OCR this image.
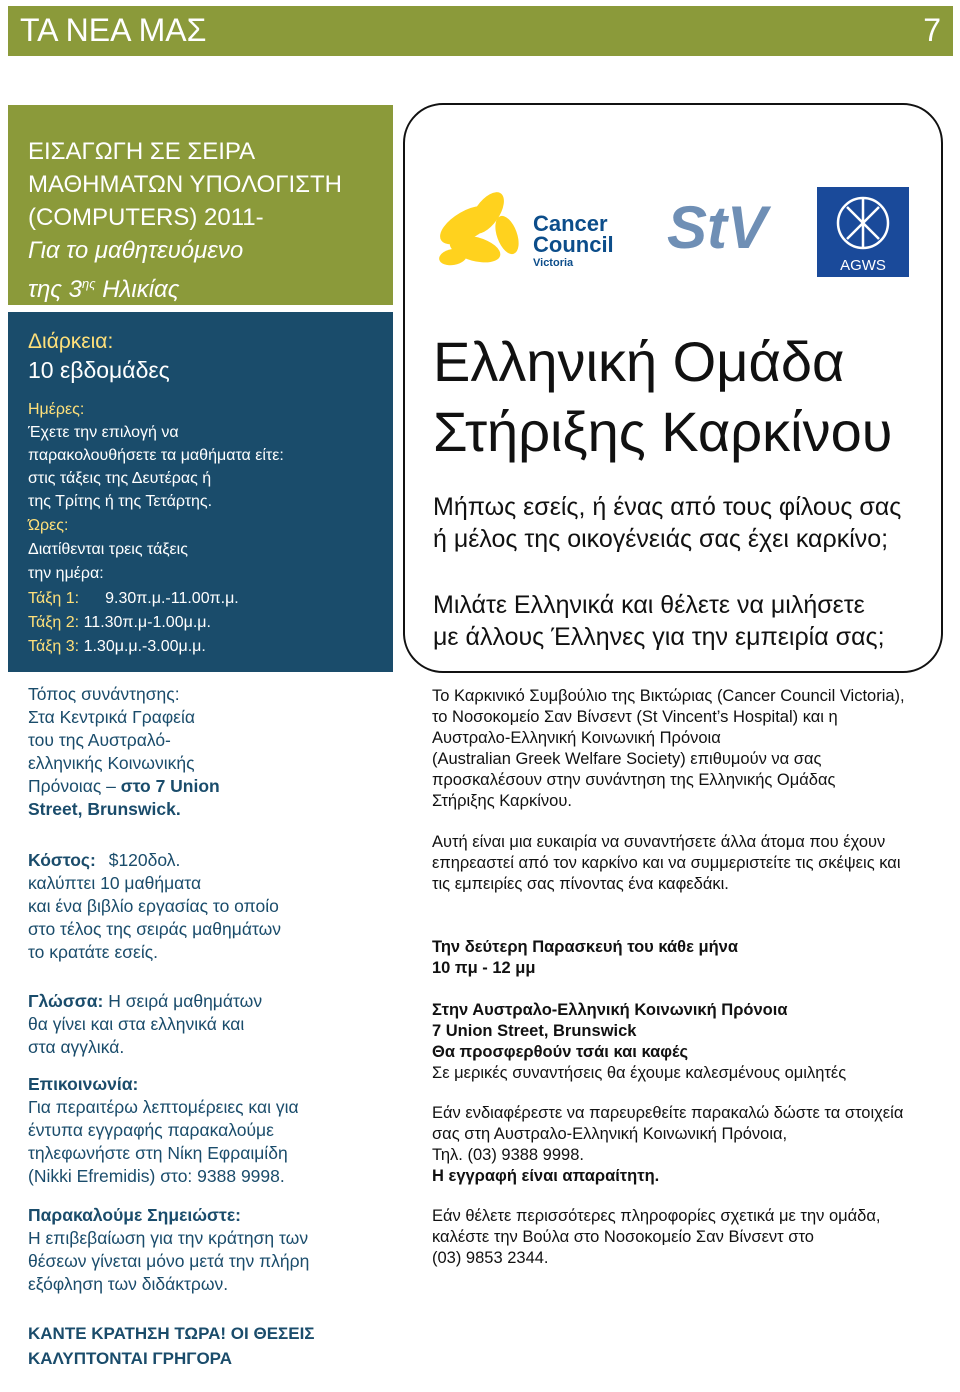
ΤΑ ΝΕΑ ΜΑΣ	7
ΕΙΣΑΓΩΓΗ ΣΕ ΣΕΙΡΑ
ΜΑΘΗΜΑΤΩΝ ΥΠΟΛΟΓΙΣΤΗ
(COMPUTERS) 2011-
Για το μαθητευόμενο
της $3^{\eta\varsigma}$ Ηλικίας
Διάρκεια:
10 εβδομάδες
Ημέρες:
Έχετε την επιλογή να
παρακολουθήσετε τα μαθήματα είτε:
στις τάξεις της Δευτέρας ή
της Τρίτης ή της Τετάρτης.
Ώρες:
Διατίθενται τρεις τάξεις
την ημέρα:
Τάξη 1: 9.30π.μ.-11.00π.μ.
Τάξη 2: 11.30π.μ-1.00μ.μ.
Τάξη 3: 1.30μ.μ.-3.00μ.μ.

Τόπος συνάντησης:

Στα Κεντρικά Γραφεία

του της Αυστραλό-

ελληνικής Κοινωνικής

Πρόνοιας – στο 7 Union

Street, Brunswick.

Κόστος: $120δολ.

καλύπτει 10 μαθήματα

και ένα βιβλίο εργασίας το οποίο

στο τέλος της σειράς μαθημάτων

το κρατάτε εσείς.

Γλώσσα: Η σειρά μαθημάτων

θα γίνει και στα ελληνικά και

στα αγγλικά.

Επικοινωνία:

Για περαιτέρω λεπτομέρειες και για

έντυπα εγγραφής παρακαλούμε

τηλεφωνήστε στη Νίκη Εφραιμίδη

(Nikki Efremidis) στο: 9388 9998.

Παρακαλούμε Σημειώστε:

Η επιβεβαίωση για την κράτηση των

θέσεων γίνεται μόνο μετά την πλήρη

εξόφληση των διδάκτρων.

ΚΑΝΤΕ ΚΡΑΤΗΣΗ ΤΩΡΑ! ΟΙ ΘΕΣΕΙΣ

ΚΑΛΥΠΤΟΝΤΑΙ ΓΡΗΓΟΡΑ

Cancer
Council
Victoria
StV
AGWS
Ελληνική Ομάδα
Στήριξης Καρκίνου
Μήπως εσείς, ή ένας από τους φίλους σας
ή μέλος της οικογένειάς σας έχει καρκίνο;
Μιλάτε Ελληνικά και θέλετε να μιλήσετε
με άλλους Έλληνες για την εμπειρία σας;

Το Καρκινικό Συμβούλιο της Βικτώριας (Cancer Council Victoria),

το Νοσοκομείο Σαν Βίνσεντ (St Vincent’s Hospital) και η

Αυστραλο-Ελληνική Κοινωνική Πρόνοια

(Australian Greek Welfare Society) επιθυμούν να σας

προσκαλέσουν στην συνάντηση της Ελληνικής Ομάδας

Στήριξης Καρκίνου.

Αυτή είναι μια ευκαιρία να συναντήσετε άλλα άτομα που έχουν

επηρεαστεί από τον καρκίνο και να συμμεριστείτε τις σκέψεις και

τις εμπειρίες σας πίνοντας ένα καφεδάκι.

Την δεύτερη Παρασκευή του κάθε μήνα

10 πμ - 12 μμ

Στην Αυστραλο-Ελληνική Κοινωνική Πρόνοια

7 Union Street, Brunswick

Θα προσφερθούν τσάι και καφές

Σε μερικές συναντήσεις θα έχουμε καλεσμένους ομιλητές

Εάν ενδιαφέρεστε να παρευρεθείτε παρακαλώ δώστε τα στοιχεία

σας στη Αυστραλο-Ελληνική Κοινωνική Πρόνοια,

Τηλ. (03) 9388 9998.

Η εγγραφή είναι απαραίτητη.

Εάν θέλετε περισσότερες πληροφορίες σχετικά με την ομάδα,

καλέστε την Βούλα στο Νοσοκομείο Σαν Βίνσεντ στο

(03) 9853 2344.
